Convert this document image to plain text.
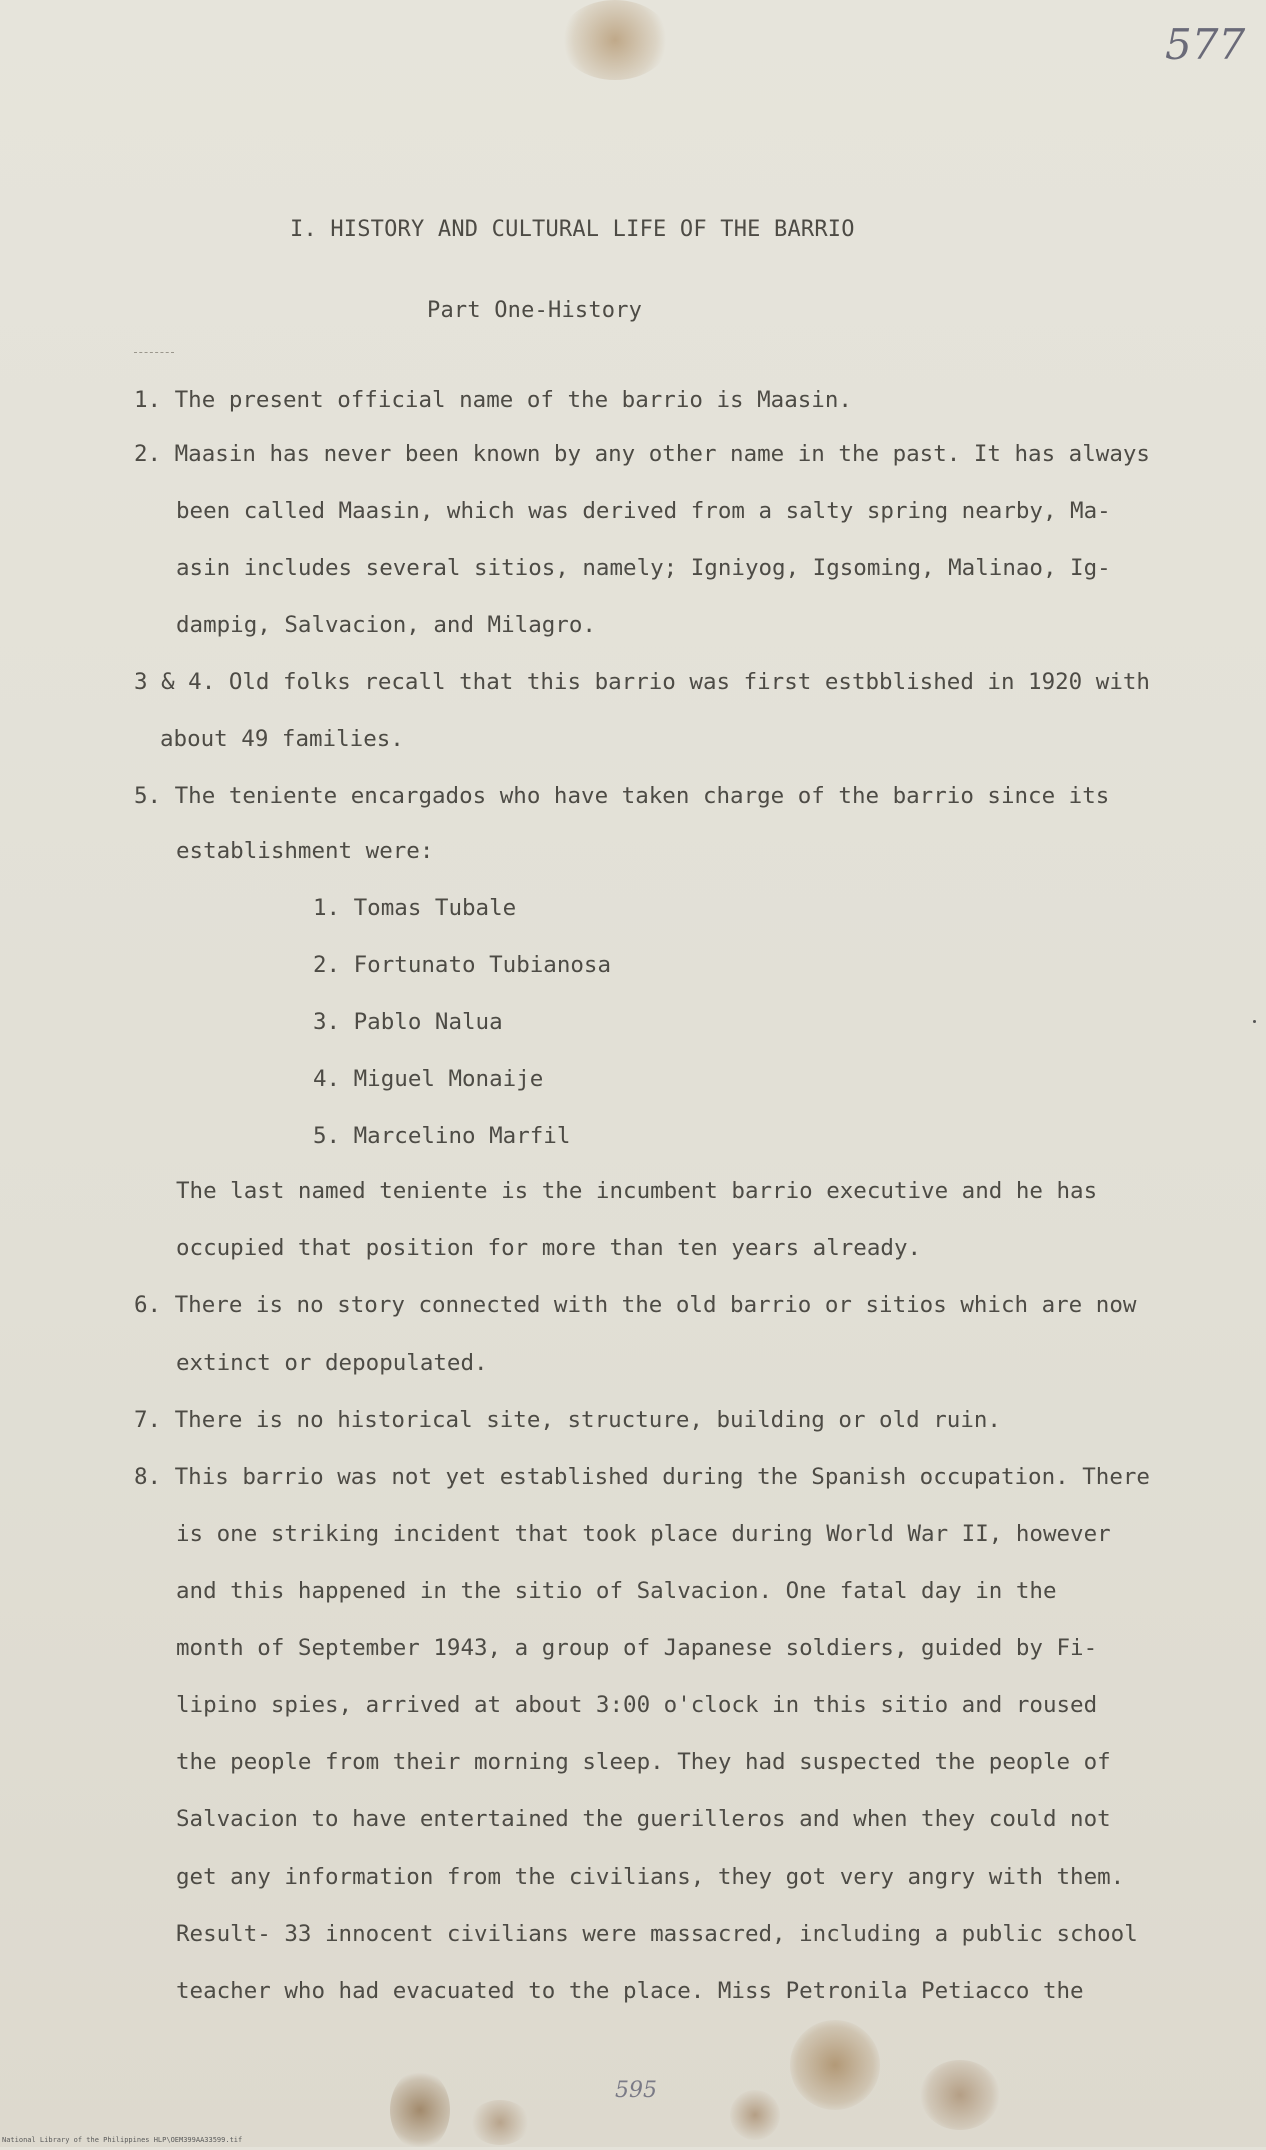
577
I. HISTORY AND CULTURAL LIFE OF THE BARRIO
Part One-History
1. The present official name of the barrio is Maasin.
2. Maasin has never been known by any other name in the past. It has always
been called Maasin, which was derived from a salty spring nearby, Ma-
asin includes several sitios, namely; Igniyog, Igsoming, Malinao, Ig-
dampig, Salvacion, and Milagro.
3 & 4. Old folks recall that this barrio was first estbblished in 1920 with
about 49 families.
5. The teniente encargados who have taken charge of the barrio since its
establishment were:
1. Tomas Tubale
2. Fortunato Tubianosa
3. Pablo Nalua
4. Miguel Monaije
5. Marcelino Marfil
The last named teniente is the incumbent barrio executive and he has
occupied that position for more than ten years already.
6. There is no story connected with the old barrio or sitios which are now
extinct or depopulated.
7. There is no historical site, structure, building or old ruin.
8. This barrio was not yet established during the Spanish occupation. There
is one striking incident that took place during World War II, however
and this happened in the sitio of Salvacion. One fatal day in the
month of September 1943, a group of Japanese soldiers, guided by Fi-
lipino spies, arrived at about 3:00 o'clock in this sitio and roused
the people from their morning sleep. They had suspected the people of
Salvacion to have entertained the guerilleros and when they could not
get any information from the civilians, they got very angry with them.
Result- 33 innocent civilians were massacred, including a public school
teacher who had evacuated to the place. Miss Petronila Petiacco the
595
National Library of the Philippines HLP\OEM399AA33599.tif
